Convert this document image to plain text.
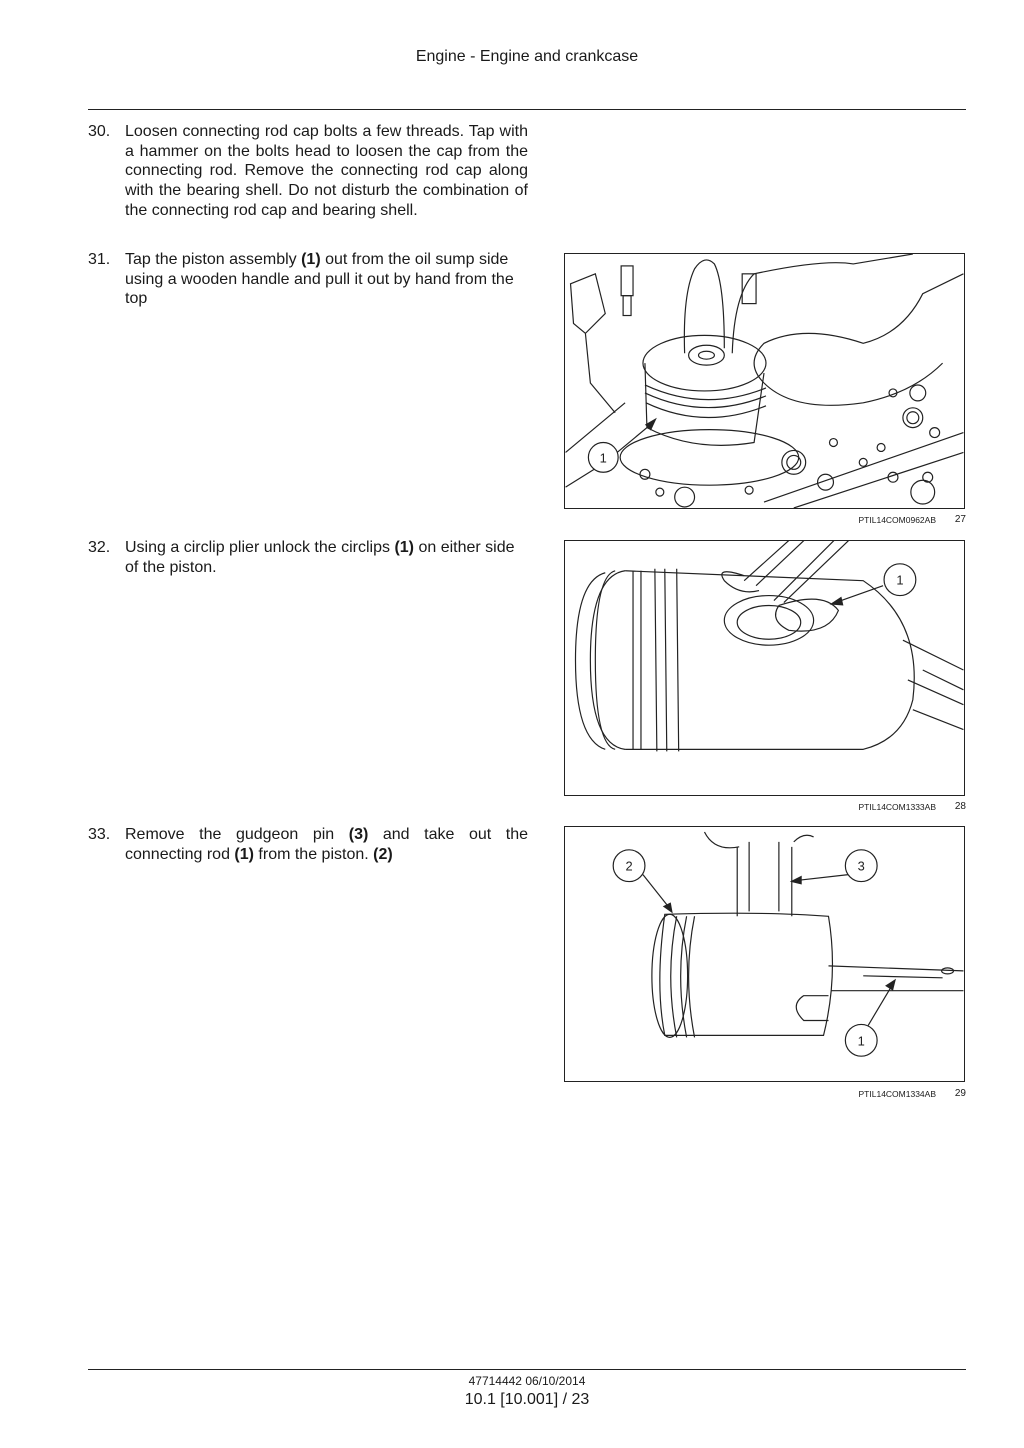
Engine - Engine and crankcase
30. Loosen connecting rod cap bolts a few threads. Tap with a hammer on the bolts head to loosen the cap from the connecting rod. Remove the connecting rod cap along with the bearing shell. Do not disturb the combination of the connecting rod cap and bearing shell.
31. Tap the piston assembly (1) out from the oil sump side using a wooden handle and pull it out by hand from the top
1
PTIL14COM0962AB 27
32. Using a circlip plier unlock the circlips (1) on either side of the piston.
1
PTIL14COM1333AB 28
33. Remove the gudgeon pin (3) and take out the connecting rod (1) from the piston. (2)
2	3
1
PTIL14COM1334AB 29
47714442 06/10/2014
10.1 [10.001] / 23
